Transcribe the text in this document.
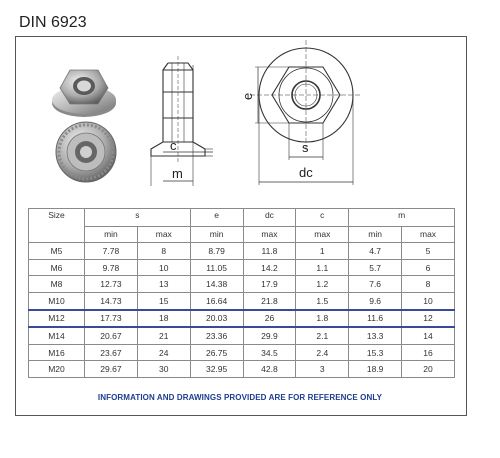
DIN 6923
c
m
e
s
dc
Size	s		e	dc	c	m	
	min	max	min	max	max	min	max
M5	7.78	8	8.79	11.8	1	4.7	5
M6	9.78	10	11.05	14.2	1.1	5.7	6
M8	12.73	13	14.38	17.9	1.2	7.6	8
M10	14.73	15	16.64	21.8	1.5	9.6	10
M12	17.73	18	20.03	26	1.8	11.6	12
M14	20.67	21	23.36	29.9	2.1	13.3	14
M16	23.67	24	26.75	34.5	2.4	15.3	16
M20	29.67	30	32.95	42.8	3	18.9	20
INFORMATION AND DRAWINGS PROVIDED ARE FOR REFERENCE ONLY
